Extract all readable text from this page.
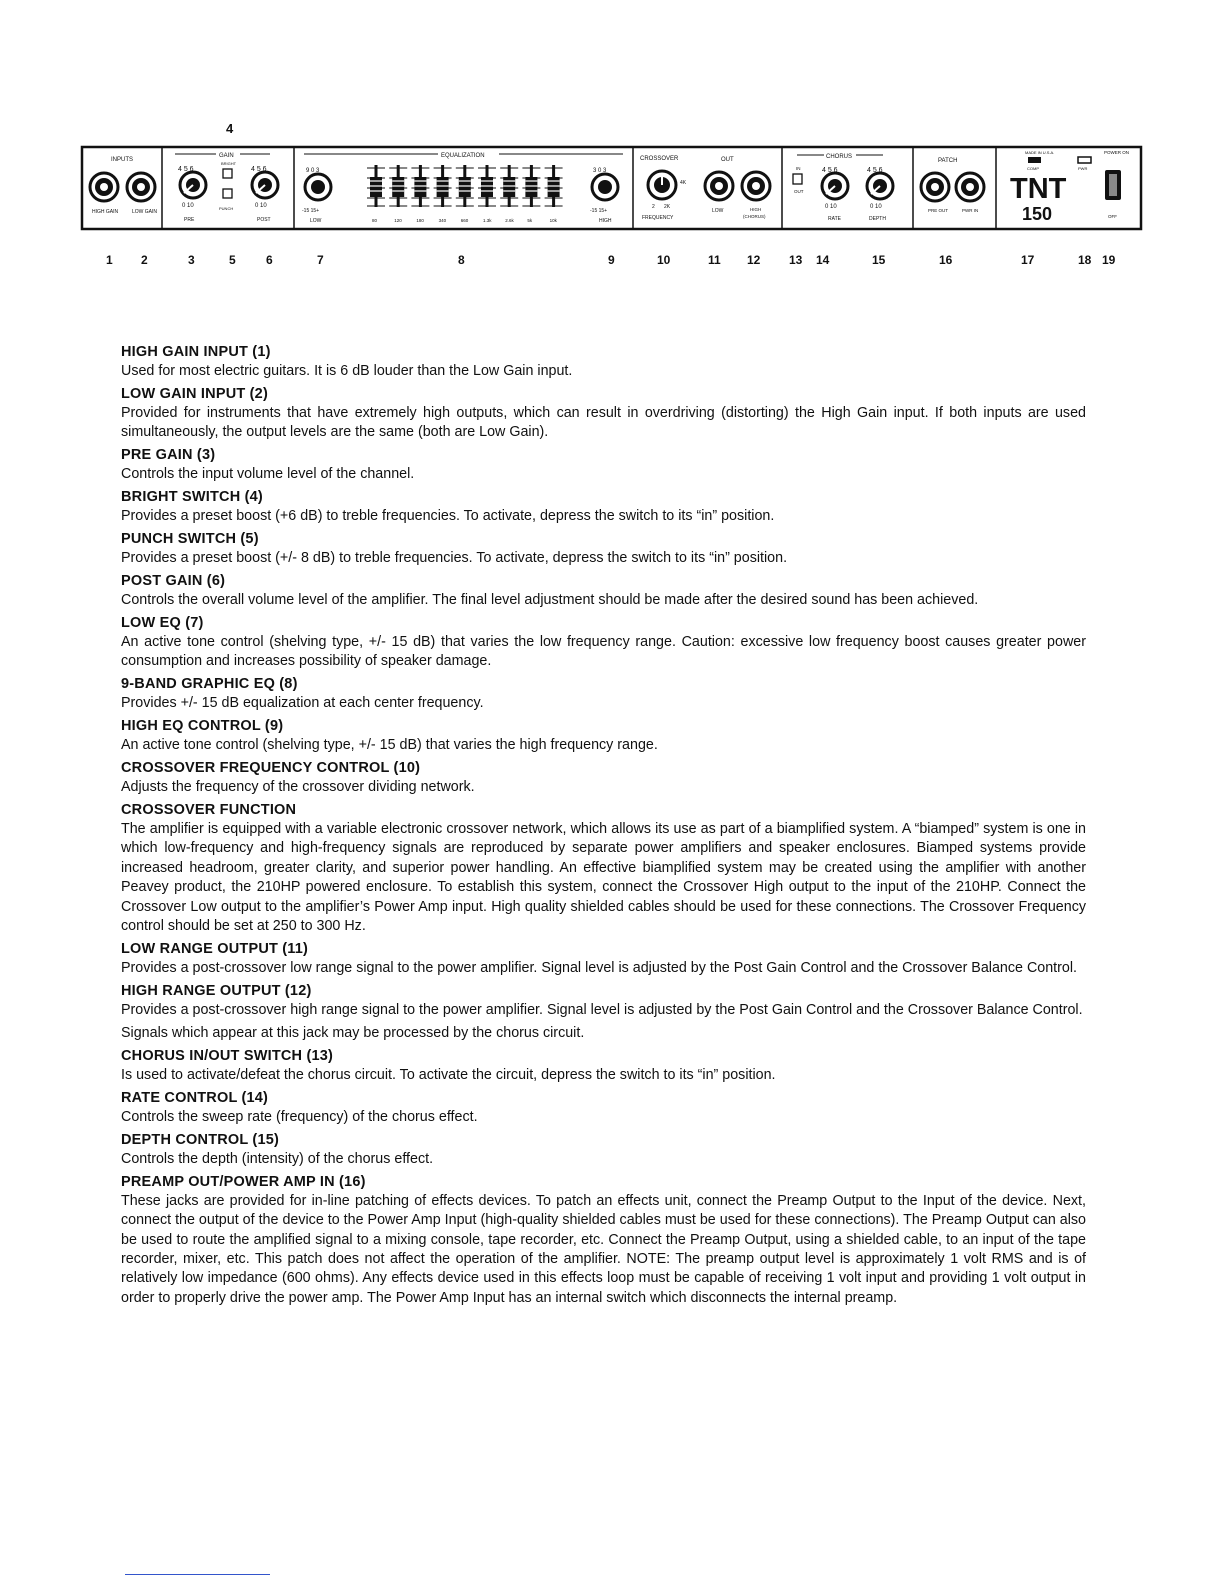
4
INPUTS
HIGH GAIN	LOW GAIN
GAIN
4 5 6
0 10
PRE
BRIGHT
PUNCH
4 5 6
0 10
POST
EQUALIZATION
9 0 3
-15 15+
LOW	80	120	180	340	660	1.3k	2.6k	5k	10k
3 0 3
-15 15+
HIGH
CROSSOVER	OUT
4K
2 2K
FREQUENCY
LOW	HIGH
(CHORUS)
CHORUS
IN
OUT
4 5 6
0 10
RATE
4 5 6
0 10
DEPTH
PATCH
PRE OUT	PWR IN
MADE IN U.S.A.
COMP	PWR
TNT
150
POWER ON
OFF
1 2	3	5	6	7	8	9	10	11 12 13 14	15	16	17	18 19
HIGH GAIN INPUT (1)

Used for most electric guitars. It is 6 dB louder than the Low Gain input.

LOW GAIN INPUT (2)

Provided for instruments that have extremely high outputs, which can result in overdriving (distorting) the High Gain input. If both inputs are used simultaneously, the output levels are the same (both are Low Gain).

PRE GAIN (3)

Controls the input volume level of the channel.

BRIGHT SWITCH (4)

Provides a preset boost (+6 dB) to treble frequencies. To activate, depress the switch to its “in” position.

PUNCH SWITCH (5)

Provides a preset boost (+/- 8 dB) to treble frequencies. To activate, depress the switch to its “in” position.

POST GAIN (6)

Controls the overall volume level of the amplifier. The final level adjustment should be made after the desired sound has been achieved.

LOW EQ (7)

An active tone control (shelving type, +/- 15 dB) that varies the low frequency range. Caution: excessive low frequency boost causes greater power consumption and increases possibility of speaker damage.

9-BAND GRAPHIC EQ (8)

Provides +/- 15 dB equalization at each center frequency.

HIGH EQ CONTROL (9)

An active tone control (shelving type, +/- 15 dB) that varies the high frequency range.

CROSSOVER FREQUENCY CONTROL (10)

Adjusts the frequency of the crossover dividing network.

CROSSOVER FUNCTION

The amplifier is equipped with a variable electronic crossover network, which allows its use as part of a biamplified system. A “biamped” system is one in which low-frequency and high-frequency signals are reproduced by separate power amplifiers and speaker enclosures. Biamped systems provide increased headroom, greater clarity, and superior power handling. An effective biamplified system may be created using the amplifier with another Peavey product, the 210HP powered enclosure. To establish this system, connect the Crossover High output to the input of the 210HP. Connect the Crossover Low output to the amplifier’s Power Amp input. High quality shielded cables should be used for these connections. The Crossover Frequency control should be set at 250 to 300 Hz.

LOW RANGE OUTPUT (11)

Provides a post-crossover low range signal to the power amplifier. Signal level is adjusted by the Post Gain Control and the Crossover Balance Control.

HIGH RANGE OUTPUT (12)

Provides a post-crossover high range signal to the power amplifier. Signal level is adjusted by the Post Gain Control and the Crossover Balance Control.

Signals which appear at this jack may be processed by the chorus circuit.

CHORUS IN/OUT SWITCH (13)

Is used to activate/defeat the chorus circuit. To activate the circuit, depress the switch to its “in” position.

RATE CONTROL (14)

Controls the sweep rate (frequency) of the chorus effect.

DEPTH CONTROL (15)

Controls the depth (intensity) of the chorus effect.

PREAMP OUT/POWER AMP IN (16)

These jacks are provided for in-line patching of effects devices. To patch an effects unit, connect the Preamp Output to the Input of the device. Next, connect the output of the device to the Power Amp Input (high-quality shielded cables must be used for these connections). The Preamp Output can also be used to route the amplified signal to a mixing console, tape recorder, etc. Connect the Preamp Output, using a shielded cable, to an input of the tape recorder, mixer, etc. This patch does not affect the operation of the amplifier. NOTE: The preamp output level is approximately 1 volt RMS and is of relatively low impedance (600 ohms). Any effects device used in this effects loop must be capable of receiving 1 volt input and providing 1 volt output in order to properly drive the power amp. The Power Amp Input has an internal switch which disconnects the internal preamp.
